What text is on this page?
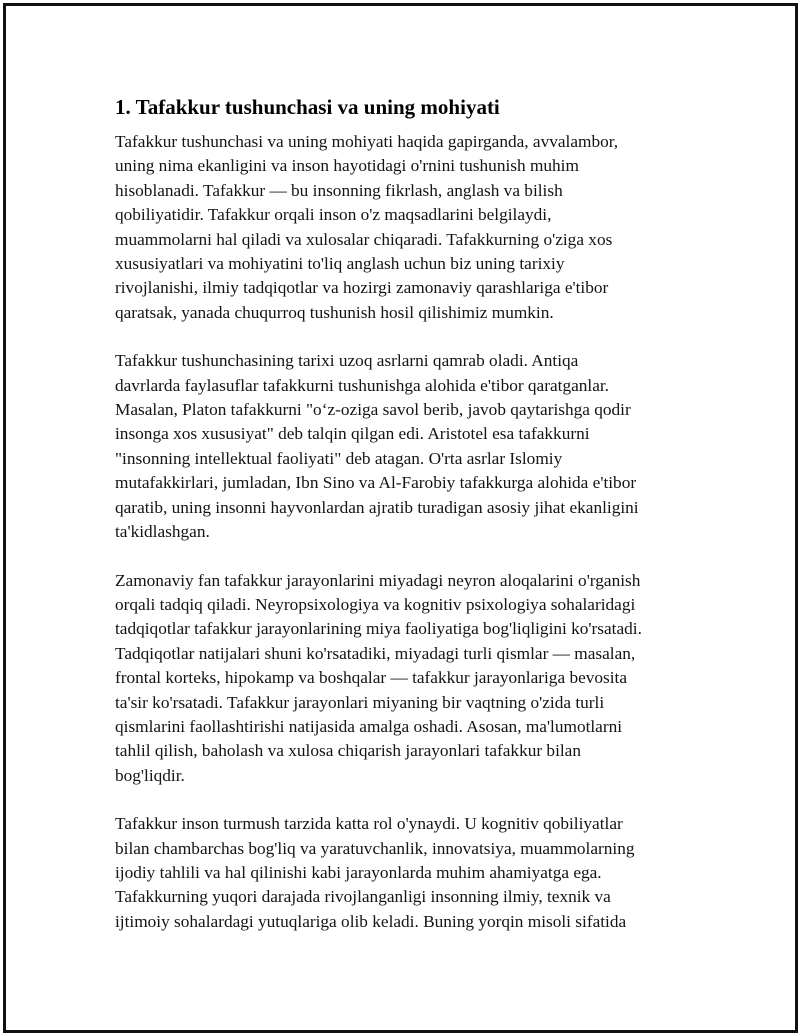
1. Tafakkur tushunchasi va uning mohiyati

Tafakkur tushunchasi va uning mohiyati haqida gapirganda, avvalambor,
uning nima ekanligini va inson hayotidagi o'rnini tushunish muhim
hisoblanadi. Tafakkur — bu insonning fikrlash, anglash va bilish
qobiliyatidir. Tafakkur orqali inson o'z maqsadlarini belgilaydi,
muammolarni hal qiladi va xulosalar chiqaradi. Tafakkurning o'ziga xos
xususiyatlari va mohiyatini to'liq anglash uchun biz uning tarixiy
rivojlanishi, ilmiy tadqiqotlar va hozirgi zamonaviy qarashlariga e'tibor
qaratsak, yanada chuqurroq tushunish hosil qilishimiz mumkin.

Tafakkur tushunchasining tarixi uzoq asrlarni qamrab oladi. Antiqa
davrlarda faylasuflar tafakkurni tushunishga alohida e'tibor qaratganlar.
Masalan, Platon tafakkurni "o‘z-oziga savol berib, javob qaytarishga qodir
insonga xos xususiyat" deb talqin qilgan edi. Aristotel esa tafakkurni
"insonning intellektual faoliyati" deb atagan. O'rta asrlar Islomiy
mutafakkirlari, jumladan, Ibn Sino va Al-Farobiy tafakkurga alohida e'tibor
qaratib, uning insonni hayvonlardan ajratib turadigan asosiy jihat ekanligini
ta'kidlashgan.

Zamonaviy fan tafakkur jarayonlarini miyadagi neyron aloqalarini o'rganish
orqali tadqiq qiladi. Neyropsixologiya va kognitiv psixologiya sohalaridagi
tadqiqotlar tafakkur jarayonlarining miya faoliyatiga bog'liqligini ko'rsatadi.
Tadqiqotlar natijalari shuni ko'rsatadiki, miyadagi turli qismlar — masalan,
frontal korteks, hipokamp va boshqalar — tafakkur jarayonlariga bevosita
ta'sir ko'rsatadi. Tafakkur jarayonlari miyaning bir vaqtning o'zida turli
qismlarini faollashtirishi natijasida amalga oshadi. Asosan, ma'lumotlarni
tahlil qilish, baholash va xulosa chiqarish jarayonlari tafakkur bilan
bog'liqdir.

Tafakkur inson turmush tarzida katta rol o'ynaydi. U kognitiv qobiliyatlar
bilan chambarchas bog'liq va yaratuvchanlik, innovatsiya, muammolarning
ijodiy tahlili va hal qilinishi kabi jarayonlarda muhim ahamiyatga ega.
Tafakkurning yuqori darajada rivojlanganligi insonning ilmiy, texnik va
ijtimoiy sohalardagi yutuqlariga olib keladi. Buning yorqin misoli sifatida
